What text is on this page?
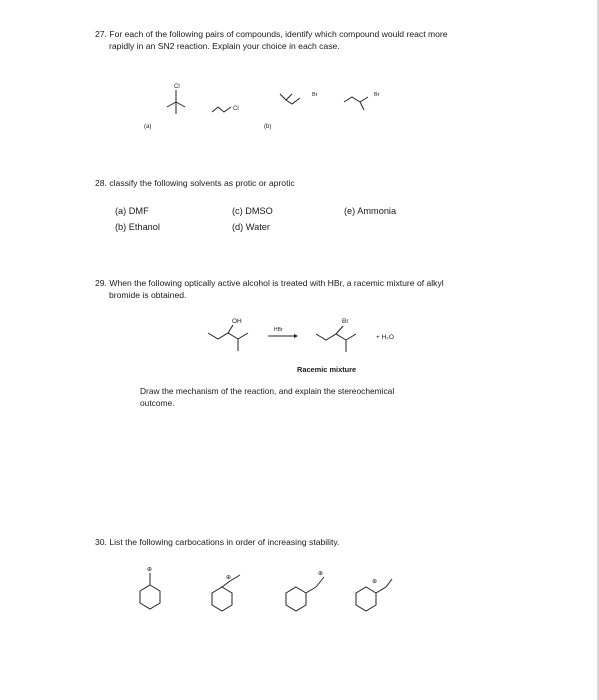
27. For each of the following pairs of compounds, identify which compound would react more
rapidly in an SN2 reaction. Explain your choice in each case.
(a)
Cl
Cl
(b)
Br	Br
28. classify the following solvents as protic or aprotic
(a) DMF
(b) Ethanol
(c) DMSO
(d) Water
(e) Ammonia
29. When the following optically active alcohol is treated with HBr, a racemic mixture of alkyl
bromide is obtained.
OH
HBr
Br
+ H₂O
Racemic mixture
Draw the mechanism of the reaction, and explain the stereochemical
outcome.
30. List the following carbocations in order of increasing stability.
⊕
⊕
⊕
⊕
